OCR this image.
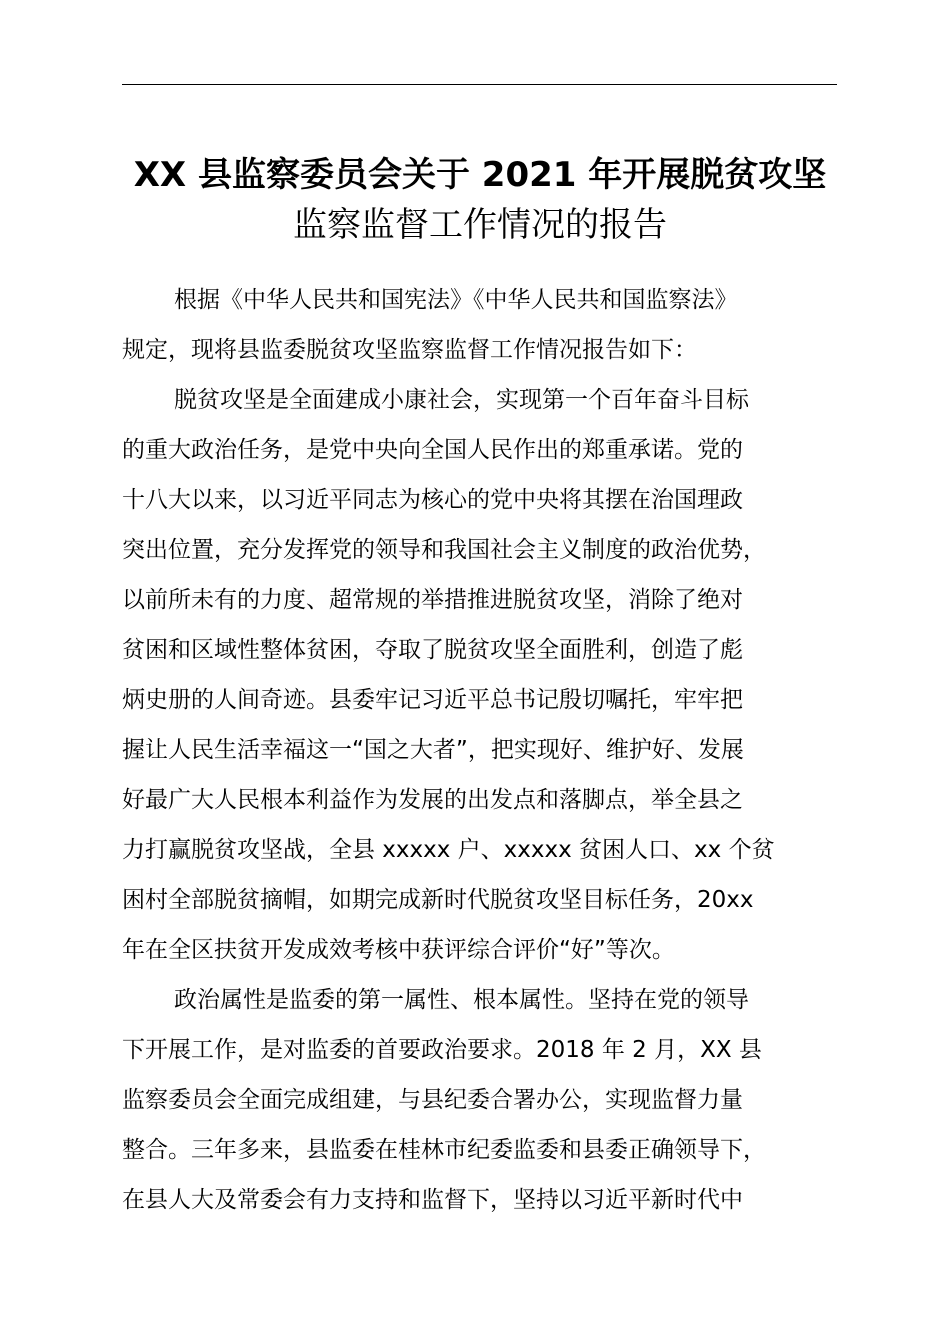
XX 县监察委员会关于 2021 年开展脱贫攻坚
监察监督工作情况的报告
根据《中华人民共和国宪法》《中华人民共和国监察法》
规定，现将县监委脱贫攻坚监察监督工作情况报告如下：
脱贫攻坚是全面建成小康社会，实现第一个百年奋斗目标
的重大政治任务，是党中央向全国人民作出的郑重承诺。党的
十八大以来，以习近平同志为核心的党中央将其摆在治国理政
突出位置，充分发挥党的领导和我国社会主义制度的政治优势，
以前所未有的力度、超常规的举措推进脱贫攻坚，消除了绝对
贫困和区域性整体贫困，夺取了脱贫攻坚全面胜利，创造了彪
炳史册的人间奇迹。县委牢记习近平总书记殷切嘱托，牢牢把
握让人民生活幸福这一“国之大者”，把实现好、维护好、发展
好最广大人民根本利益作为发展的出发点和落脚点，举全县之
力打赢脱贫攻坚战，全县 xxxxx 户、xxxxx 贫困人口、xx 个贫
困村全部脱贫摘帽，如期完成新时代脱贫攻坚目标任务，20xx
年在全区扶贫开发成效考核中获评综合评价“好”等次。
政治属性是监委的第一属性、根本属性。坚持在党的领导
下开展工作，是对监委的首要政治要求。2018 年 2 月，XX 县
监察委员会全面完成组建，与县纪委合署办公，实现监督力量
整合。三年多来，县监委在桂林市纪委监委和县委正确领导下，
在县人大及常委会有力支持和监督下，坚持以习近平新时代中
